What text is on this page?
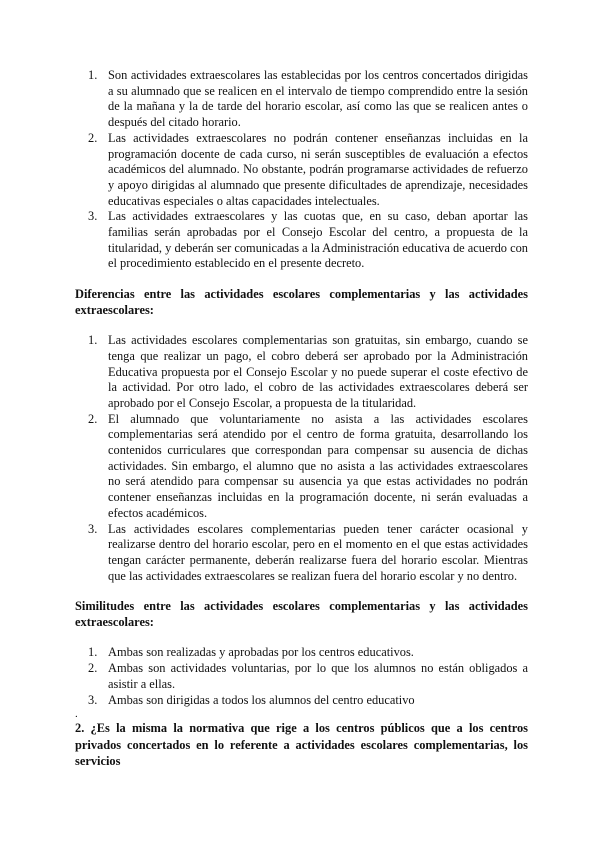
1. Son actividades extraescolares las establecidas por los centros concertados dirigidas a su alumnado que se realicen en el intervalo de tiempo comprendido entre la sesión de la mañana y la de tarde del horario escolar, así como las que se realicen antes o después del citado horario.
2. Las actividades extraescolares no podrán contener enseñanzas incluidas en la programación docente de cada curso, ni serán susceptibles de evaluación a efectos académicos del alumnado. No obstante, podrán programarse actividades de refuerzo y apoyo dirigidas al alumnado que presente dificultades de aprendizaje, necesidades educativas especiales o altas capacidades intelectuales.
3. Las actividades extraescolares y las cuotas que, en su caso, deban aportar las familias serán aprobadas por el Consejo Escolar del centro, a propuesta de la titularidad, y deberán ser comunicadas a la Administración educativa de acuerdo con el procedimiento establecido en el presente decreto.

Diferencias entre las actividades escolares complementarias y las actividades extraescolares:

1. Las actividades escolares complementarias son gratuitas, sin embargo, cuando se tenga que realizar un pago, el cobro deberá ser aprobado por la Administración Educativa propuesta por el Consejo Escolar y no puede superar el coste efectivo de la actividad. Por otro lado, el cobro de las actividades extraescolares deberá ser aprobado por el Consejo Escolar, a propuesta de la titularidad.
2. El alumnado que voluntariamente no asista a las actividades escolares complementarias será atendido por el centro de forma gratuita, desarrollando los contenidos curriculares que correspondan para compensar su ausencia de dichas actividades. Sin embargo, el alumno que no asista a las actividades extraescolares no será atendido para compensar su ausencia ya que estas actividades no podrán contener enseñanzas incluidas en la programación docente, ni serán evaluadas a efectos académicos.
3. Las actividades escolares complementarias pueden tener carácter ocasional y realizarse dentro del horario escolar, pero en el momento en el que estas actividades tengan carácter permanente, deberán realizarse fuera del horario escolar. Mientras que las actividades extraescolares se realizan fuera del horario escolar y no dentro.

Similitudes entre las actividades escolares complementarias y las actividades extraescolares:

1. Ambas son realizadas y aprobadas por los centros educativos.
2. Ambas son actividades voluntarias, por lo que los alumnos no están obligados a asistir a ellas.
3. Ambas son dirigidas a todos los alumnos del centro educativo
.

2. ¿Es la misma la normativa que rige a los centros públicos que a los centros privados concertados en lo referente a actividades escolares complementarias, los servicios
